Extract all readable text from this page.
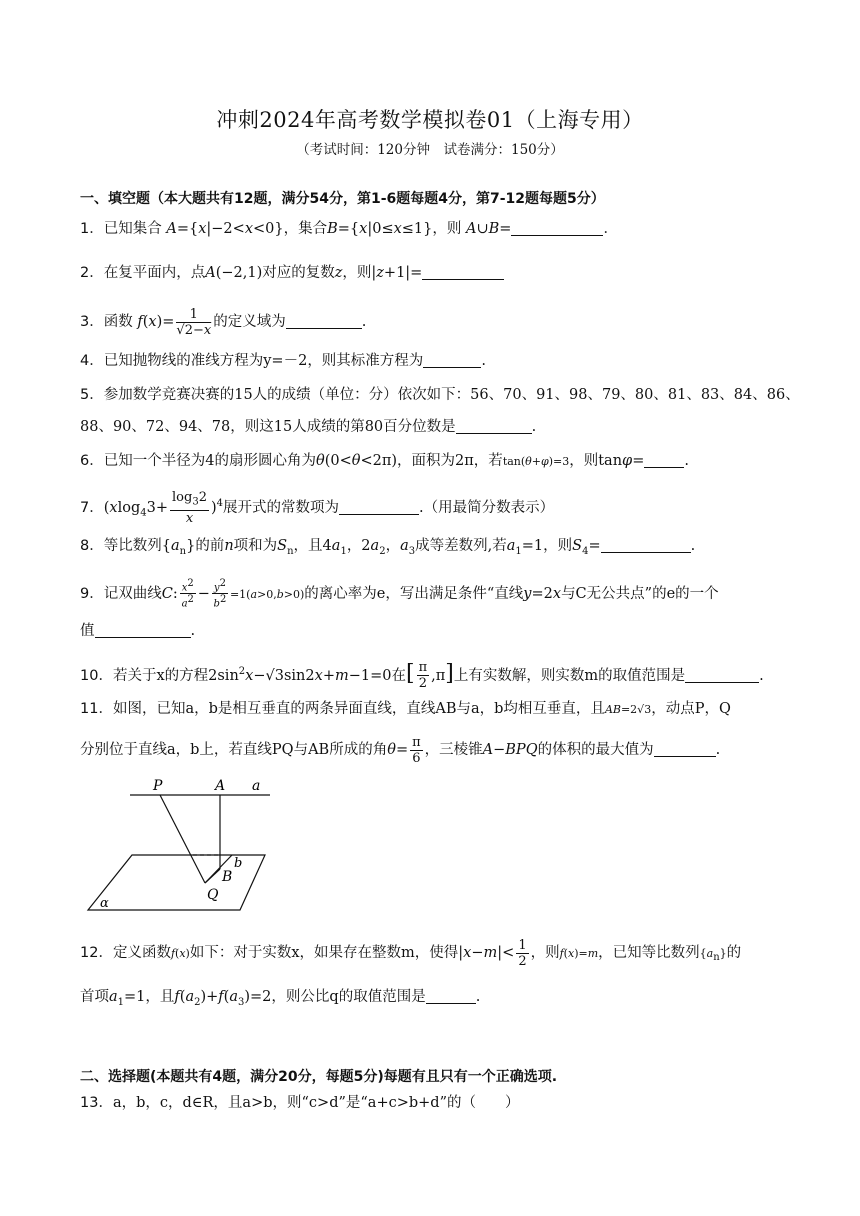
冲刺2024年高考数学模拟卷01（上海专用）
（考试时间：120分钟　试卷满分：150分）
一、填空题（本大题共有12题，满分54分，第1-6题每题4分，第7-12题每题5分）
1．已知集合 A={x|−2<x<0}，集合B={x|0≤x≤1}，则 A∪B=	．
2．在复平面内，点A(−2,1)对应的复数z，则|z+1|=
3．函数 $f(x)= \frac{1}{√2-x}$ 的定义域为	.
4．已知抛物线的准线方程为y=－2，则其标准方程为	.
5．参加数学竞赛决赛的15人的成绩（单位：分）依次如下：56、70、91、98、79、80、81、83、84、86、
88、90、72、94、78，则这15人成绩的第80百分位数是	.
6．已知一个半径为4的扇形圆心角为θ(0<θ<2π)，面积为2π，若tan(θ+φ)=3，则tanφ=	.
7．$(xlog_43+ \frac{\log_32}{x} )^4$展开式的常数项为	.（用最简分数表示）
8．等比数列$\{a_n\}$的前n项和为$S_n$，且$4a_1$，$2a_2$，$a_3$成等差数列,若$a_1=1$，则$S_4=$	.
9．记双曲线C: $\frac{x^2}{a^2} - \frac{y^2}{b^2} =1(a>0,b>0)$的离心率为e，写出满足条件“直线y=2x与C无公共点”的e的一个
值	.
10．若关于x的方程$2\sin^2x-√3\sin 2x+m-1=0$在[ $\frac{\pi}{2} ,\pi$]上有实数解，则实数m的取值范围是	.
11．如图，已知a，b是相互垂直的两条异面直线，直线AB与a，b均相互垂直，且AB=2√3，动点P，Q
分别位于直线a，b上，若直线PQ与AB所成的角$\theta= \frac{\pi}{6}$ ，三棱锥A−BPQ的体积的最大值为	.
P	A a
b
B
Q
α
12．定义函数f(x)如下：对于实数x，如果存在整数m，使得$|x-m|< \frac{1}{2}$ ，则f(x)=m，已知等比数列$\{a_n\}$的
首项$a_1=1$，且$f(a_2)+f(a_3)=2$，则公比q的取值范围是	.
二、选择题(本题共有4题，满分20分，每题5分)每题有且只有一个正确选项.
13．a，b，c，d∈R，且a>b，则“c>d”是“a+c>b+d”的（　　）
